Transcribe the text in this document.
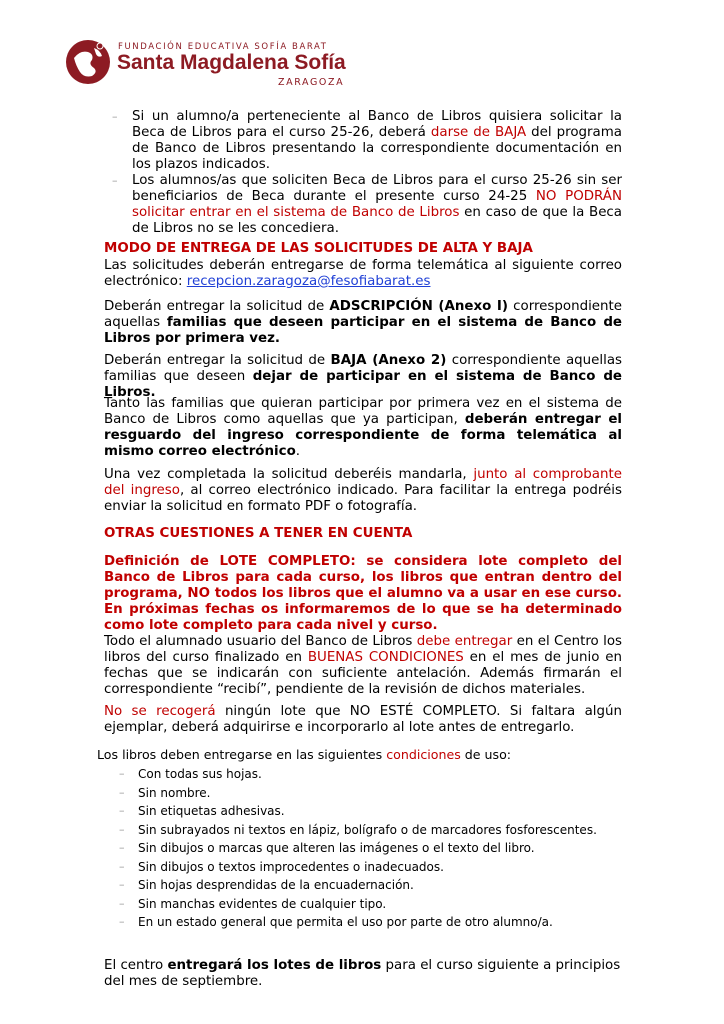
FUNDACIÓN EDUCATIVA SOFÍA BARAT
Santa Magdalena Sofía
ZARAGOZA
– Si un alumno/a perteneciente al Banco de Libros quisiera solicitar la Beca de Libros para el curso 25-26, deberá darse de BAJA del programa de Banco de Libros presentando la correspondiente documentación en los plazos indicados.
– Los alumnos/as que soliciten Beca de Libros para el curso 25-26 sin ser beneficiarios de Beca durante el presente curso 24-25 NO PODRÁN solicitar entrar en el sistema de Banco de Libros en caso de que la Beca de Libros no se les concediera.
MODO DE ENTREGA DE LAS SOLICITUDES DE ALTA Y BAJA
Las solicitudes deberán entregarse de forma telemática al siguiente correo electrónico: recepcion.zaragoza@fesofiabarat.es
Deberán entregar la solicitud de ADSCRIPCIÓN (Anexo I) correspondiente aquellas familias que deseen participar en el sistema de Banco de Libros por primera vez.
Deberán entregar la solicitud de BAJA (Anexo 2) correspondiente aquellas familias que deseen dejar de participar en el sistema de Banco de Libros.
Tanto las familias que quieran participar por primera vez en el sistema de Banco de Libros como aquellas que ya participan, deberán entregar el resguardo del ingreso correspondiente de forma telemática al mismo correo electrónico.
Una vez completada la solicitud deberéis mandarla, junto al comprobante del ingreso, al correo electrónico indicado. Para facilitar la entrega podréis enviar la solicitud en formato PDF o fotografía.
OTRAS CUESTIONES A TENER EN CUENTA
Definición de LOTE COMPLETO: se considera lote completo del Banco de Libros para cada curso, los libros que entran dentro del programa, NO todos los libros que el alumno va a usar en ese curso. En próximas fechas os informaremos de lo que se ha determinado como lote completo para cada nivel y curso.
Todo el alumnado usuario del Banco de Libros debe entregar en el Centro los libros del curso finalizado en BUENAS CONDICIONES en el mes de junio en fechas que se indicarán con suficiente antelación. Además firmarán el correspondiente “recibí”, pendiente de la revisión de dichos materiales.
No se recogerá ningún lote que NO ESTÉ COMPLETO. Si faltara algún ejemplar, deberá adquirirse e incorporarlo al lote antes de entregarlo.
Los libros deben entregarse en las siguientes condiciones de uso:
– Con todas sus hojas.
– Sin nombre.
– Sin etiquetas adhesivas.
– Sin subrayados ni textos en lápiz, bolígrafo o de marcadores fosforescentes.
– Sin dibujos o marcas que alteren las imágenes o el texto del libro.
– Sin dibujos o textos improcedentes o inadecuados.
– Sin hojas desprendidas de la encuadernación.
– Sin manchas evidentes de cualquier tipo.
– En un estado general que permita el uso por parte de otro alumno/a.
El centro entregará los lotes de libros para el curso siguiente a principios del mes de septiembre.
